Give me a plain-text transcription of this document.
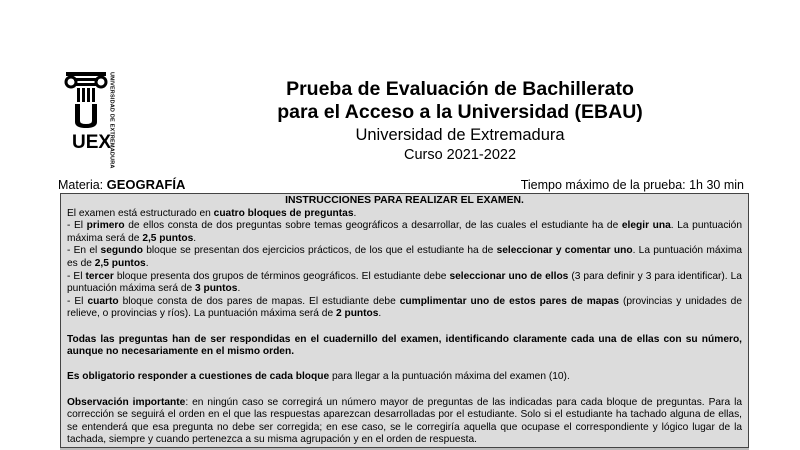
UEX
UNIVERSIDAD DE EXTREMADURA	Prueba de Evaluación de Bachillerato
para el Acceso a la Universidad (EBAU)
Universidad de Extremadura
Curso 2021-2022
Materia: GEOGRAFÍA	Tiempo máximo de la prueba: 1h 30 min
INSTRUCCIONES PARA REALIZAR EL EXAMEN.

El examen está estructurado en cuatro bloques de preguntas.

- El primero de ellos consta de dos preguntas sobre temas geográficos a desarrollar, de las cuales el estudiante ha de elegir una. La puntuación máxima será de 2,5 puntos.

- En el segundo bloque se presentan dos ejercicios prácticos, de los que el estudiante ha de seleccionar y comentar uno. La puntuación máxima es de 2,5 puntos.

- El tercer bloque presenta dos grupos de términos geográficos. El estudiante debe seleccionar uno de ellos (3 para definir y 3 para identificar). La puntuación máxima será de 3 puntos.

- El cuarto bloque consta de dos pares de mapas. El estudiante debe cumplimentar uno de estos pares de mapas (provincias y unidades de relieve, o provincias y ríos). La puntuación máxima será de 2 puntos.

Todas las preguntas han de ser respondidas en el cuadernillo del examen, identificando claramente cada una de ellas con su número, aunque no necesariamente en el mismo orden.

Es obligatorio responder a cuestiones de cada bloque para llegar a la puntuación máxima del examen (10).

Observación importante: en ningún caso se corregirá un número mayor de preguntas de las indicadas para cada bloque de preguntas. Para la corrección se seguirá el orden en el que las respuestas aparezcan desarrolladas por el estudiante. Solo si el estudiante ha tachado alguna de ellas, se entenderá que esa pregunta no debe ser corregida; en ese caso, se le corregiría aquella que ocupase el correspondiente y lógico lugar de la tachada, siempre y cuando pertenezca a su misma agrupación y en el orden de respuesta.
